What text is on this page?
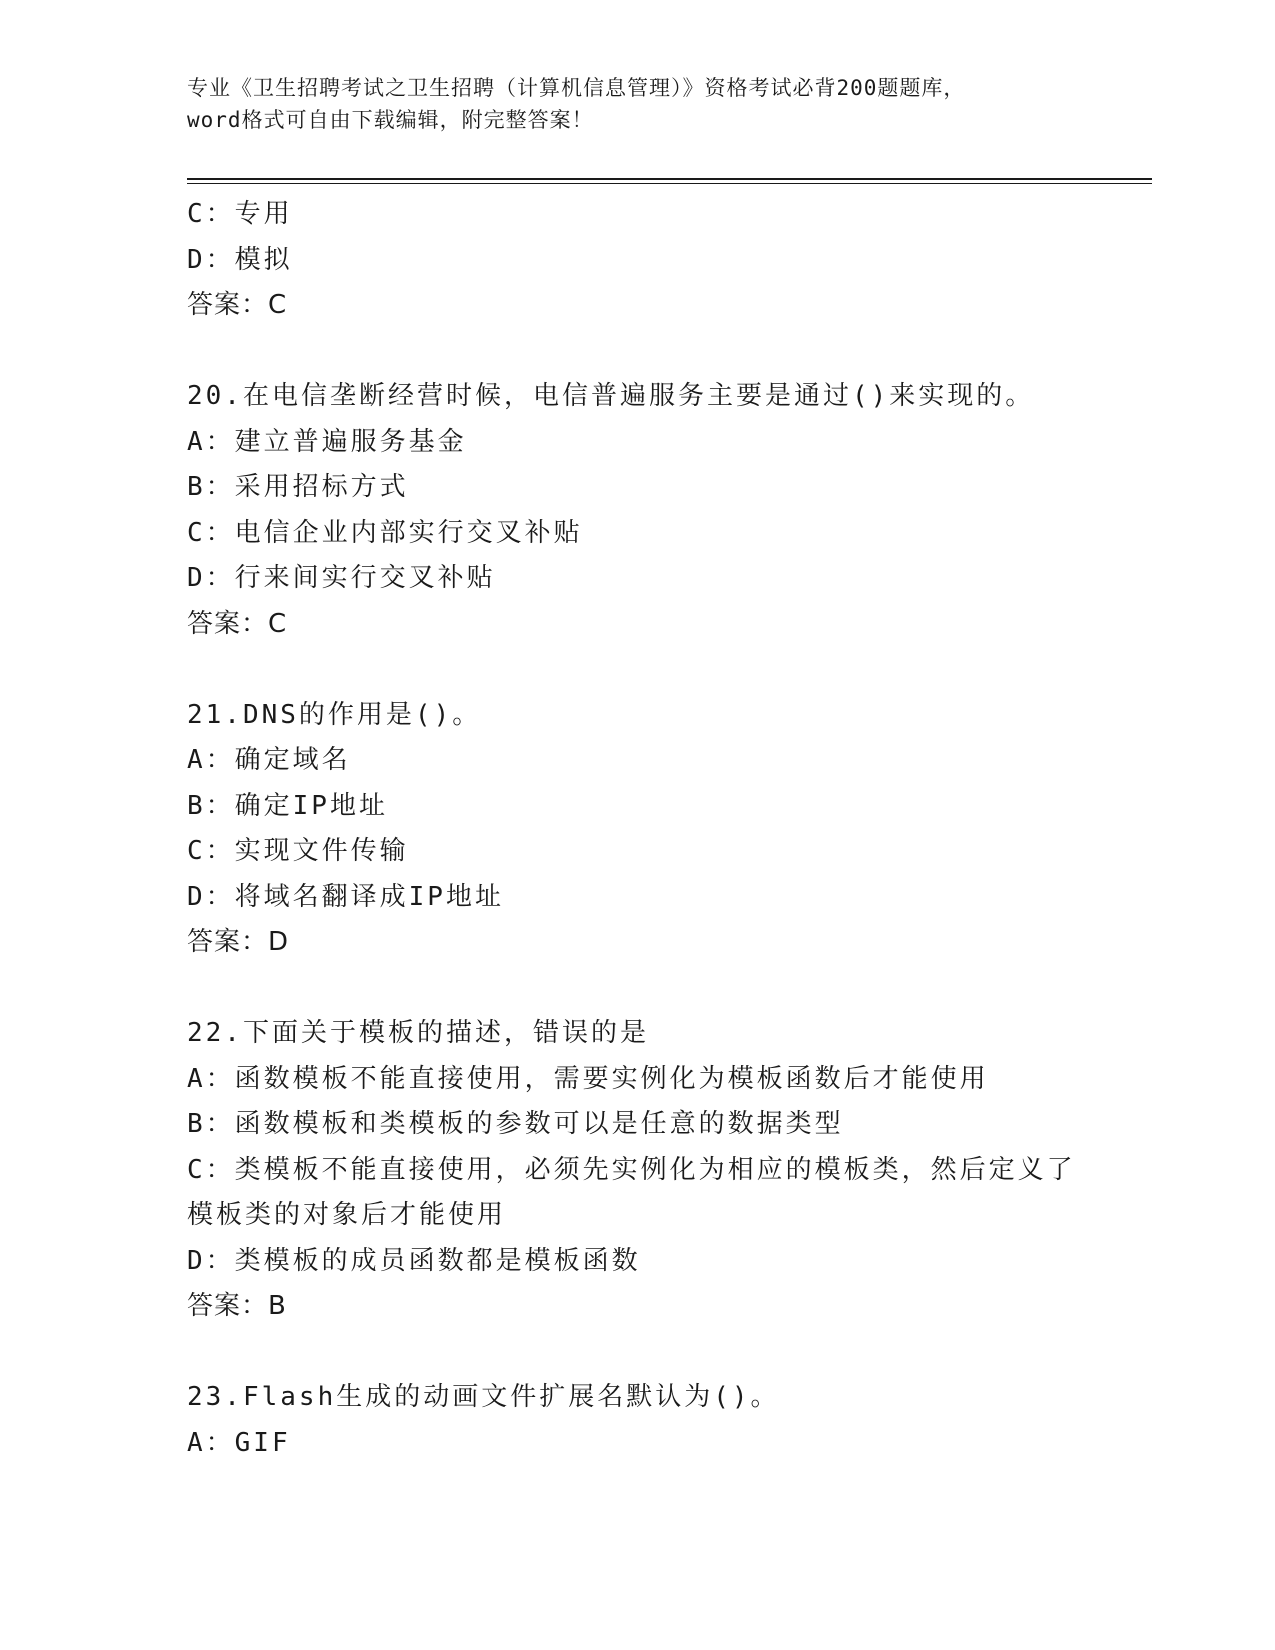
专业《卫生招聘考试之卫生招聘（计算机信息管理）》资格考试必背200题题库，
word格式可自由下载编辑，附完整答案！
C：专用
D：模拟
答案：C
20.在电信垄断经营时候，电信普遍服务主要是通过()来实现的。
A：建立普遍服务基金
B：采用招标方式
C：电信企业内部实行交叉补贴
D：行来间实行交叉补贴
答案：C
21.DNS的作用是()。
A：确定域名
B：确定IP地址
C：实现文件传输
D：将域名翻译成IP地址
答案：D
22.下面关于模板的描述，错误的是
A：函数模板不能直接使用，需要实例化为模板函数后才能使用
B：函数模板和类模板的参数可以是任意的数据类型
C：类模板不能直接使用，必须先实例化为相应的模板类，然后定义了模板类的对象后才能使用
D：类模板的成员函数都是模板函数
答案：B
23.Flash生成的动画文件扩展名默认为()。
A：GIF
